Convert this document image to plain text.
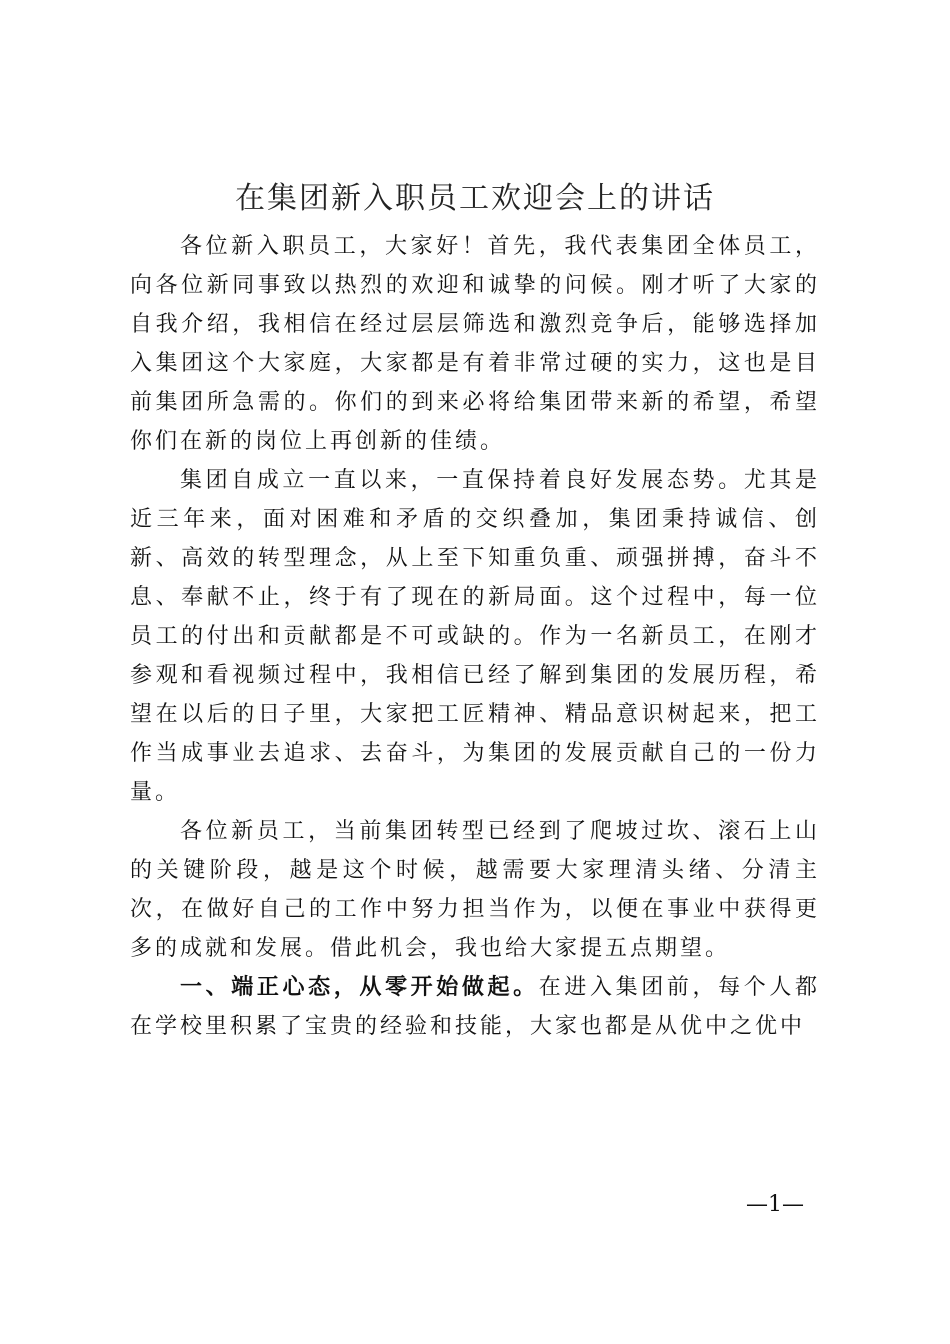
在集团新入职员工欢迎会上的讲话

各位新入职员工，大家好！首先，我代表集团全体员工，向各位新同事致以热烈的欢迎和诚挚的问候。刚才听了大家的自我介绍，我相信在经过层层筛选和激烈竞争后，能够选择加入集团这个大家庭，大家都是有着非常过硬的实力，这也是目前集团所急需的。你们的到来必将给集团带来新的希望，希望你们在新的岗位上再创新的佳绩。

集团自成立一直以来，一直保持着良好发展态势。尤其是近三年来，面对困难和矛盾的交织叠加，集团秉持诚信、创新、高效的转型理念，从上至下知重负重、顽强拼搏，奋斗不息、奉献不止，终于有了现在的新局面。这个过程中，每一位员工的付出和贡献都是不可或缺的。作为一名新员工，在刚才参观和看视频过程中，我相信已经了解到集团的发展历程，希望在以后的日子里，大家把工匠精神、精品意识树起来，把工作当成事业去追求、去奋斗，为集团的发展贡献自己的一份力量。

各位新员工，当前集团转型已经到了爬坡过坎、滚石上山的关键阶段，越是这个时候，越需要大家理清头绪、分清主次，在做好自己的工作中努力担当作为，以便在事业中获得更多的成就和发展。借此机会，我也给大家提五点期望。

一、端正心态，从零开始做起。在进入集团前，每个人都在学校里积累了宝贵的经验和技能，大家也都是从优中之优中

—1—
